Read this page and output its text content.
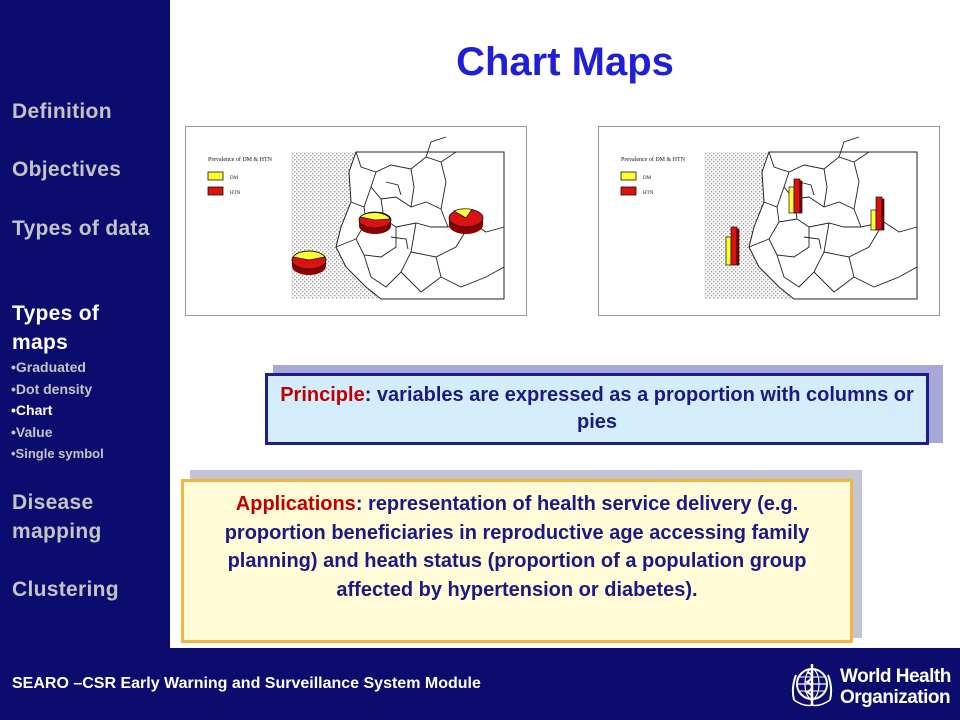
Definition
Objectives
Types of data
Types of maps
•Graduated
•Dot density
•Chart
•Value
•Single symbol
Disease mapping
Clustering
Chart Maps
Prevalence of DM & HTN
DM
HTN
Prevalence of DM & HTN
DM
HTN
Principle: variables are expressed as a proportion with columns or pies
Applications: representation of health service delivery (e.g. proportion beneficiaries in reproductive age accessing family planning) and heath status (proportion of a population group affected by hypertension or diabetes).
SEARO –CSR Early Warning and Surveillance System Module	World Health
Organization
